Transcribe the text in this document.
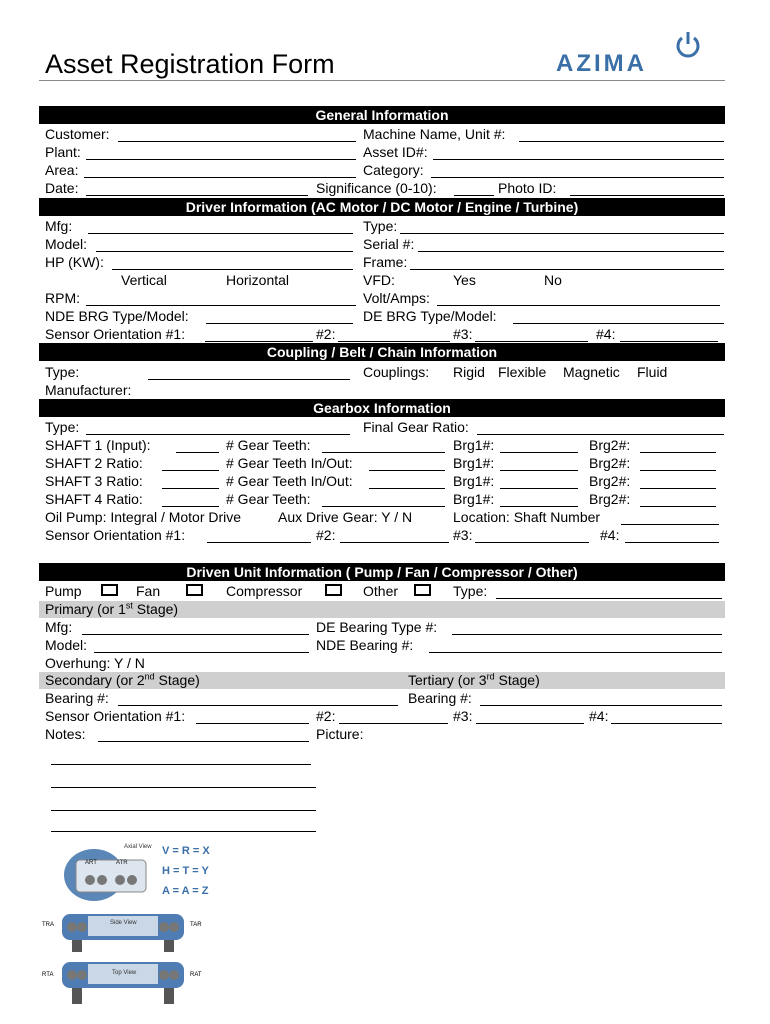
Asset Registration Form	AZIMA
General Information
Customer:	Machine Name, Unit #:
Plant:	Asset ID#:
Area:	Category:
Date:	Significance (0-10):	Photo ID:
Driver Information (AC Motor / DC Motor / Engine / Turbine)
Mfg:	Type:
Model:	Serial #:
HP (KW):	Frame:
Vertical	Horizontal	VFD:	Yes	No
RPM:	Volt/Amps:
NDE BRG Type/Model:	DE BRG Type/Model:
Sensor Orientation #1:	#2:	#3:	#4:
Coupling / Belt / Chain Information
Type:	Couplings: Rigid Flexible Magnetic Fluid
Manufacturer:
Gearbox Information
Type:	Final Gear Ratio:
SHAFT 1 (Input):	# Gear Teeth:	Brg1#:	Brg2#:
SHAFT 2 Ratio:	# Gear Teeth In/Out:	Brg1#:	Brg2#:
SHAFT 3 Ratio:	# Gear Teeth In/Out:	Brg1#:	Brg2#:
SHAFT 4 Ratio:	# Gear Teeth:	Brg1#:	Brg2#:
Oil Pump: Integral / Motor Drive	Aux Drive Gear: Y / N	Location: Shaft Number
Sensor Orientation #1:	#2:	#3:	#4:
Driven Unit Information ( Pump / Fan / Compressor / Other)
Pump	Fan	Compressor	Other	Type:
Primary (or 1st Stage)
Mfg:	DE Bearing Type #:
Model:	NDE Bearing #:
Overhung: Y / N
Secondary (or 2nd Stage)	Tertiary (or 3rd Stage)
Bearing #:	Bearing #:
Sensor Orientation #1:	#2:	#3:	#4:
Notes:	Picture:
Axial View
ART	ATR
V = R = X
H = T = Y
A = A = Z
Side View
TRA	TAR
Top View
RTA	RAT
